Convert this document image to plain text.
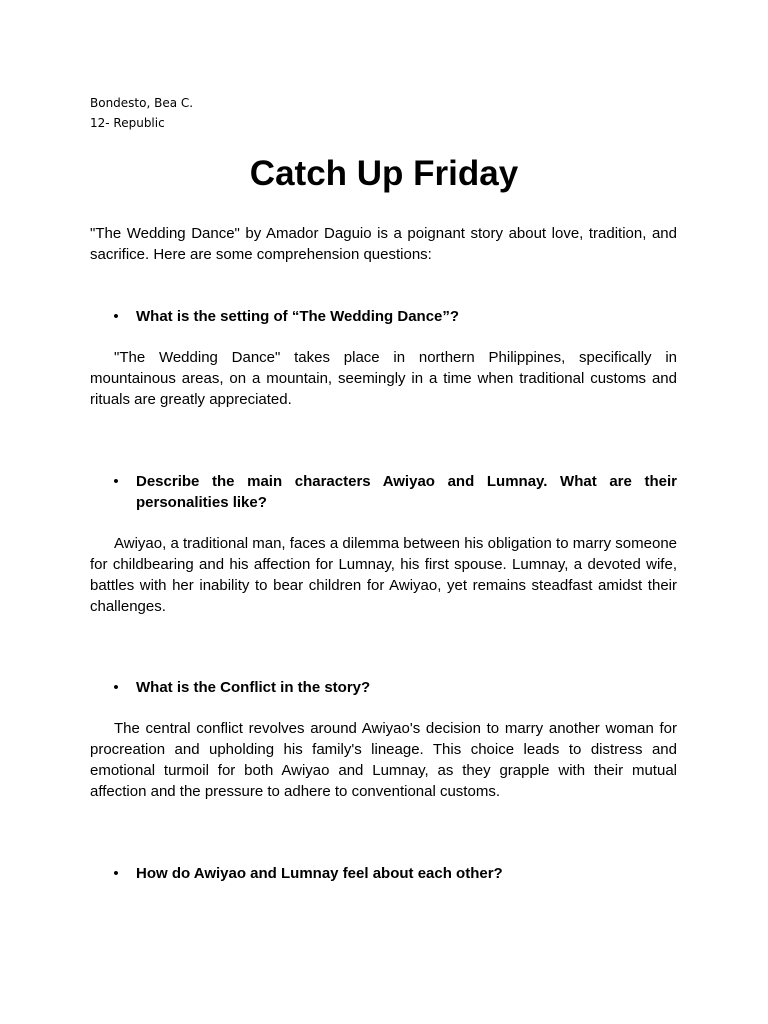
Bondesto, Bea C.
12- Republic
Catch Up Friday

"The Wedding Dance" by Amador Daguio is a poignant story about love, tradition, and sacrifice. Here are some comprehension questions:

• What is the setting of “The Wedding Dance”?

"The Wedding Dance" takes place in northern Philippines, specifically in mountainous areas, on a mountain, seemingly in a time when traditional customs and rituals are greatly appreciated.

• Describe the main characters Awiyao and Lumnay. What are their personalities like?

Awiyao, a traditional man, faces a dilemma between his obligation to marry someone for childbearing and his affection for Lumnay, his first spouse. Lumnay, a devoted wife, battles with her inability to bear children for Awiyao, yet remains steadfast amidst their challenges.

• What is the Conflict in the story?

The central conflict revolves around Awiyao's decision to marry another woman for procreation and upholding his family's lineage. This choice leads to distress and emotional turmoil for both Awiyao and Lumnay, as they grapple with their mutual affection and the pressure to adhere to conventional customs.

• How do Awiyao and Lumnay feel about each other?
